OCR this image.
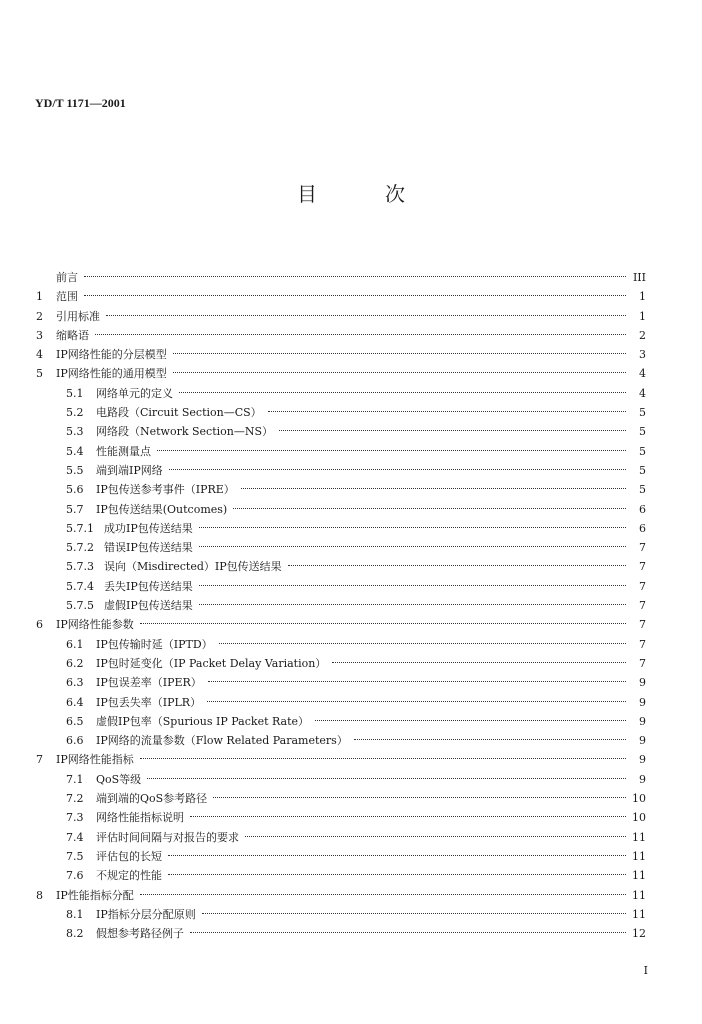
YD/T 1171—2001
目	次
前言	III
1	范围	1
2	引用标准	1
3	缩略语	2
4	IP网络性能的分层模型	3
5	IP网络性能的通用模型	4
5.1	网络单元的定义	4
5.2	电路段（Circuit Section—CS）	5
5.3	网络段（Network Section—NS）	5
5.4	性能测量点	5
5.5	端到端IP网络	5
5.6	IP包传送参考事件（IPRE）	5
5.7	IP包传送结果(Outcomes)	6
5.7.1 成功IP包传送结果	6
5.7.2 错误IP包传送结果	7
5.7.3 误向（Misdirected）IP包传送结果	7
5.7.4 丢失IP包传送结果	7
5.7.5 虚假IP包传送结果	7
6	IP网络性能参数	7
6.1	IP包传输时延（IPTD）	7
6.2	IP包时延变化（IP Packet Delay Variation）	7
6.3	IP包误差率（IPER）	9
6.4	IP包丢失率（IPLR）	9
6.5	虚假IP包率（Spurious IP Packet Rate）	9
6.6	IP网络的流量参数（Flow Related Parameters）	9
7	IP网络性能指标	9
7.1	QoS等级	9
7.2	端到端的QoS参考路径	10
7.3	网络性能指标说明	10
7.4	评估时间间隔与对报告的要求	11
7.5	评估包的长短	11
7.6	不规定的性能	11
8	IP性能指标分配	11
8.1	IP指标分层分配原则	11
8.2	假想参考路径例子	12
I
